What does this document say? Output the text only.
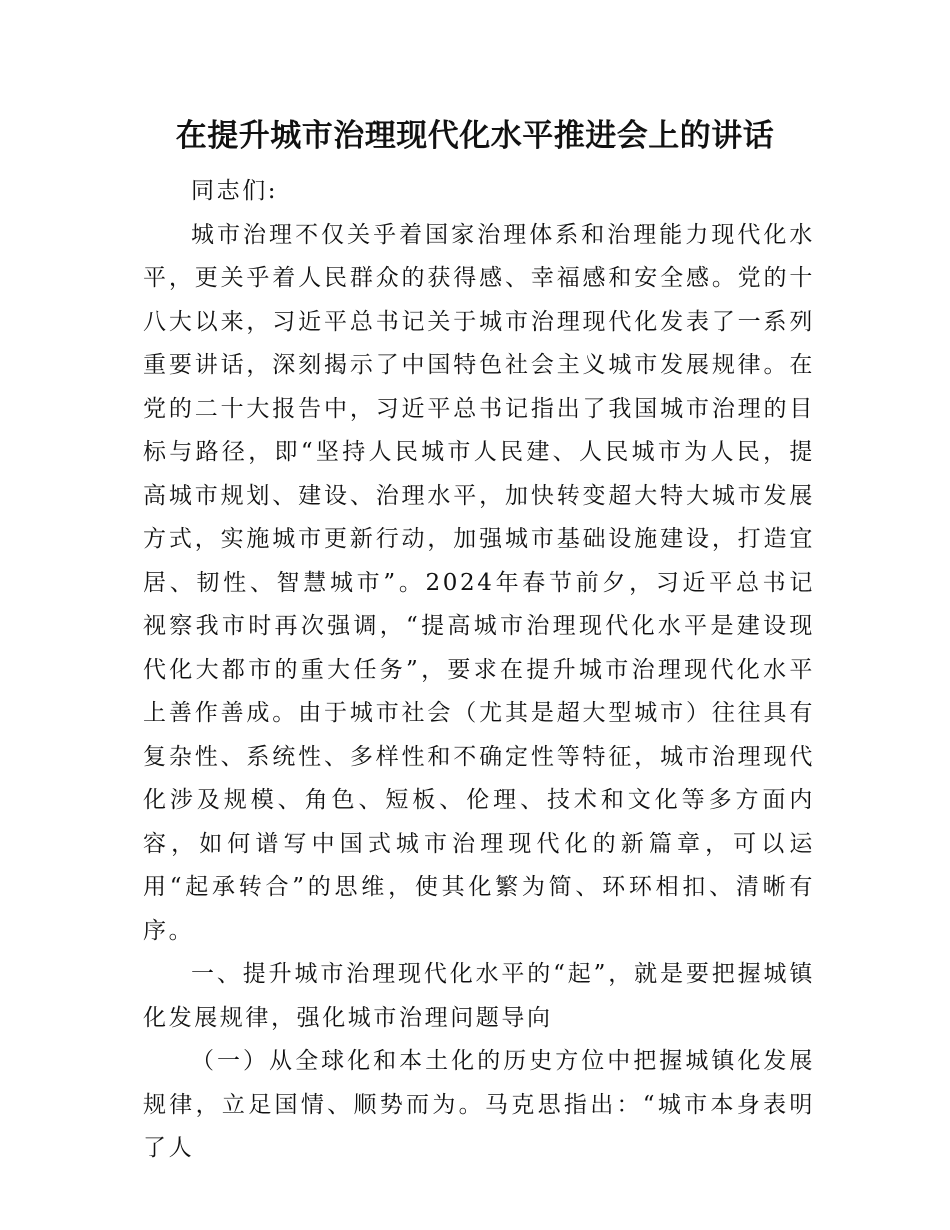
在提升城市治理现代化水平推进会上的讲话

同志们:

城市治理不仅关乎着国家治理体系和治理能力现代化水平，更关乎着人民群众的获得感、幸福感和安全感。党的十八大以来，习近平总书记关于城市治理现代化发表了一系列重要讲话，深刻揭示了中国特色社会主义城市发展规律。在党的二十大报告中，习近平总书记指出了我国城市治理的目标与路径，即“坚持人民城市人民建、人民城市为人民，提高城市规划、建设、治理水平，加快转变超大特大城市发展方式，实施城市更新行动，加强城市基础设施建设，打造宜居、韧性、智慧城市”。2024年春节前夕，习近平总书记视察我市时再次强调，“提高城市治理现代化水平是建设现代化大都市的重大任务”，要求在提升城市治理现代化水平上善作善成。由于城市社会（尤其是超大型城市）往往具有复杂性、系统性、多样性和不确定性等特征，城市治理现代化涉及规模、角色、短板、伦理、技术和文化等多方面内容，如何谱写中国式城市治理现代化的新篇章，可以运用“起承转合”的思维，使其化繁为简、环环相扣、清晰有序。

一、提升城市治理现代化水平的“起”，就是要把握城镇化发展规律，强化城市治理问题导向

（一）从全球化和本土化的历史方位中把握城镇化发展规律，立足国情、顺势而为。马克思指出：“城市本身表明了人
